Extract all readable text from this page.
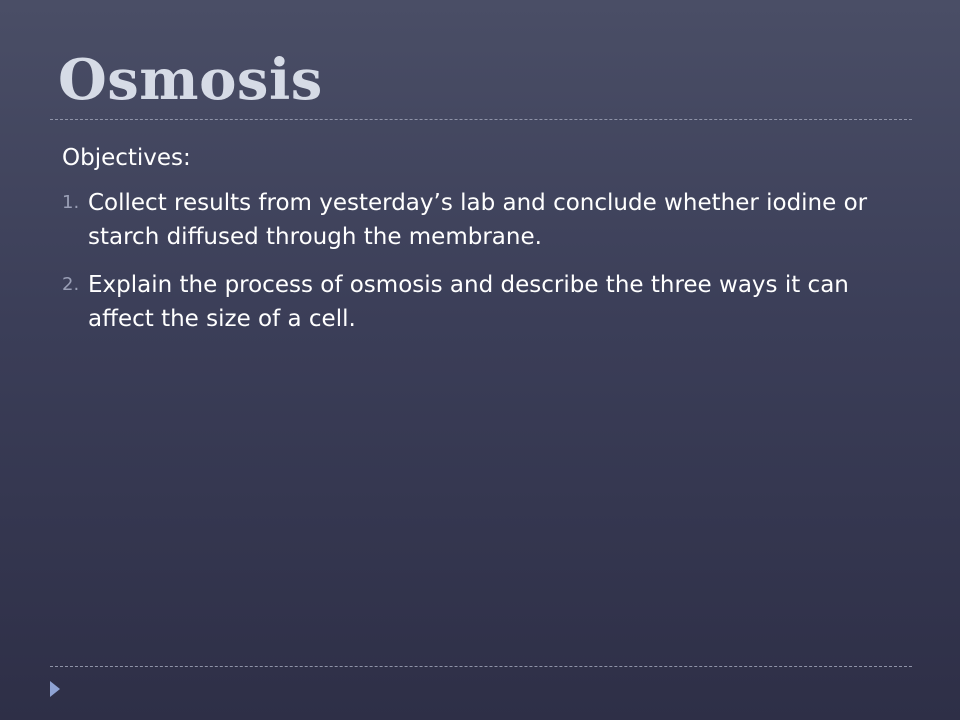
Osmosis
Objectives:
1. Collect results from yesterday’s lab and conclude whether iodine or starch diffused through the membrane.
2. Explain the process of osmosis and describe the three ways it can affect the size of a cell.
